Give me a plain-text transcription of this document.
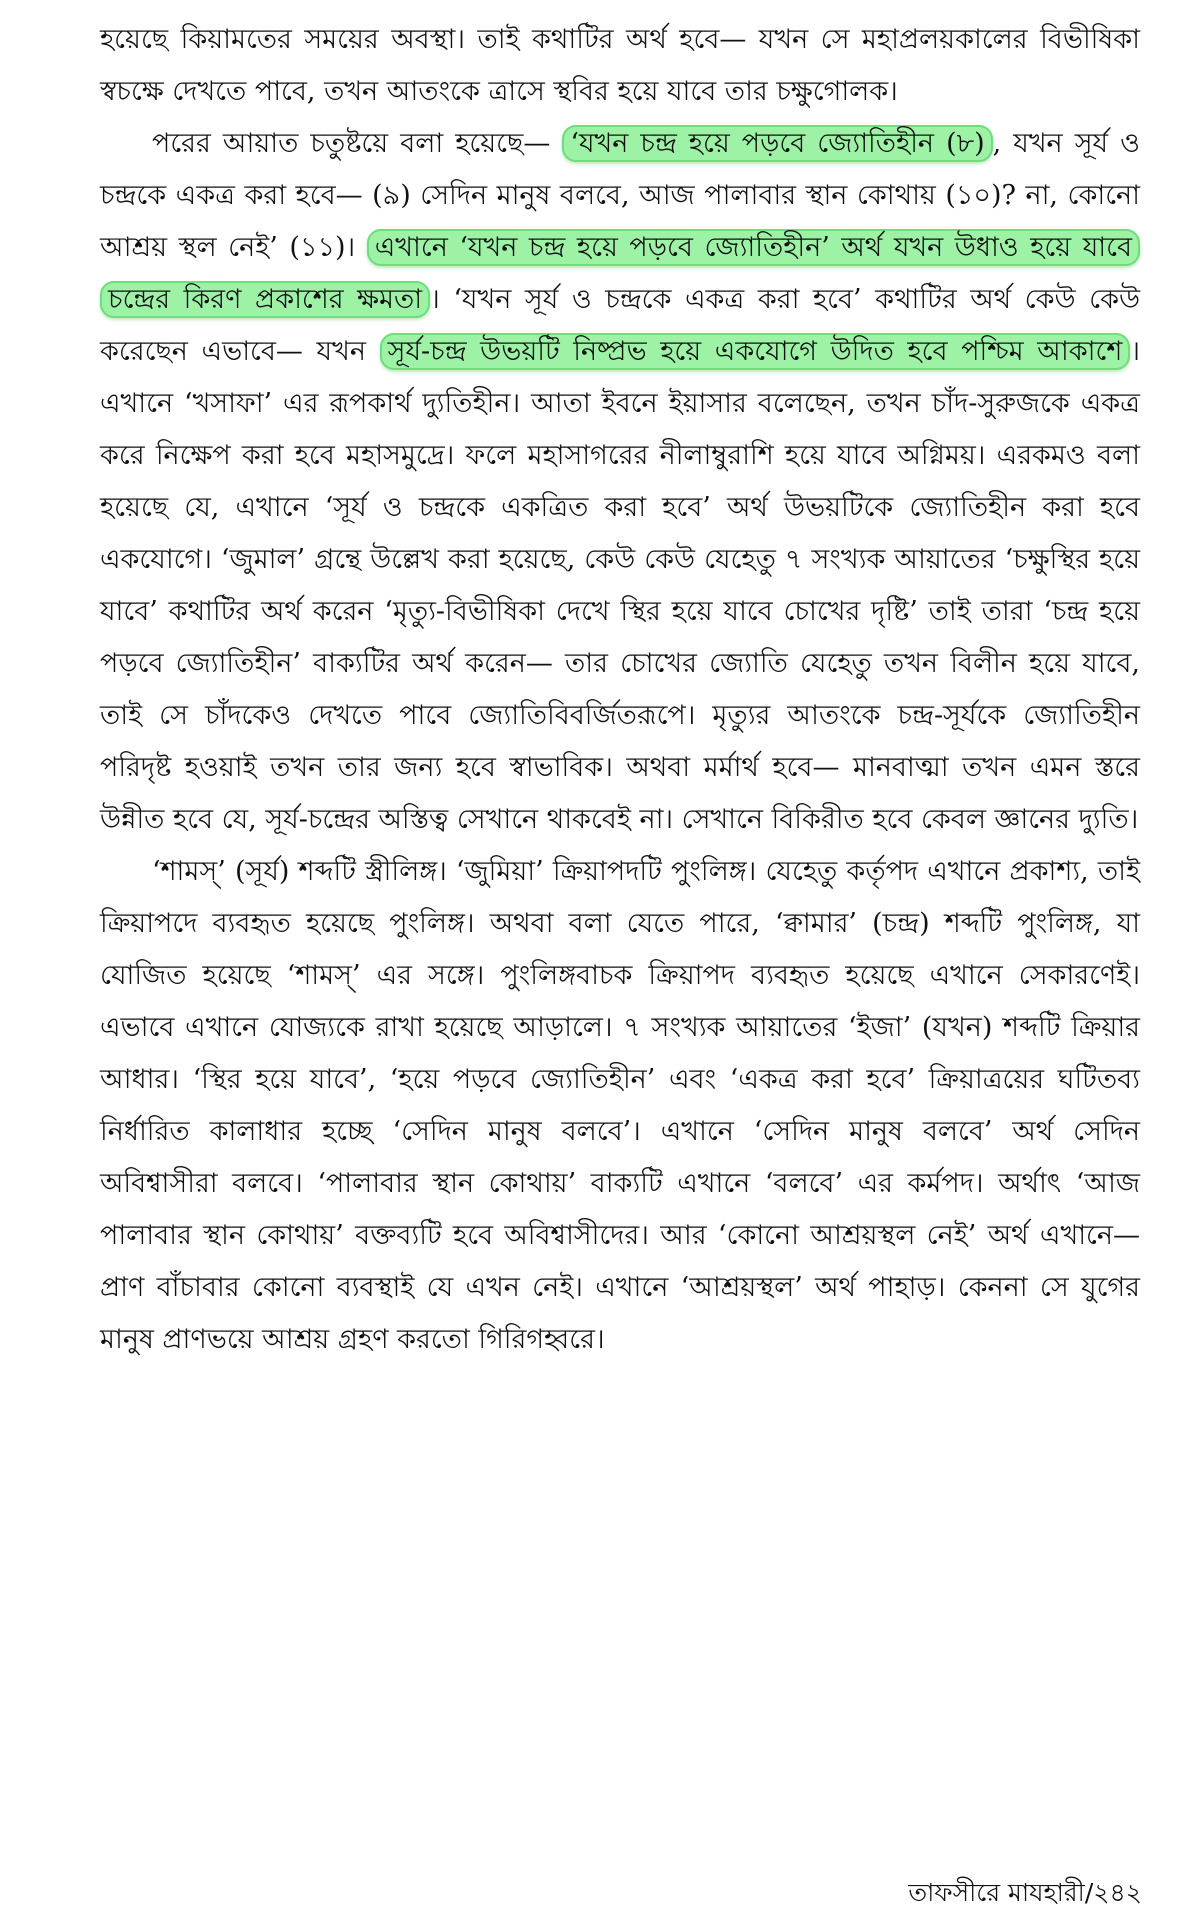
হয়েছে কিয়ামতের সময়ের অবস্থা। তাই কথাটির অর্থ হবে— যখন সে মহাপ্রলয়কালের বিভীষিকা স্বচক্ষে দেখতে পাবে, তখন আতংকে ত্রাসে স্থবির হয়ে যাবে তার চক্ষুগোলক।

পরের আয়াত চতুষ্টয়ে বলা হয়েছে— ‘যখন চন্দ্র হয়ে পড়বে জ্যোতিহীন (৮) , যখন সূর্য ও চন্দ্রকে একত্র করা হবে— (৯) সেদিন মানুষ বলবে, আজ পালাবার স্থান কোথায় (১০)? না, কোনো আশ্রয় স্থল নেই’ (১১)। এখানে ‘যখন চন্দ্র হয়ে পড়বে জ্যোতিহীন’ অর্থ যখন উধাও হয়ে যাবে চন্দ্রের কিরণ প্রকাশের ক্ষমতা । ‘যখন সূর্য ও চন্দ্রকে একত্র করা হবে’ কথাটির অর্থ কেউ কেউ করেছেন এভাবে— যখন সূর্য-চন্দ্র উভয়টি নিষ্প্রভ হয়ে একযোগে উদিত হবে পশ্চিম আকাশে । এখানে ‘খসাফা’ এর রূপকার্থ দ্যুতিহীন। আতা ইবনে ইয়াসার বলেছেন, তখন চাঁদ-সুরুজকে একত্র করে নিক্ষেপ করা হবে মহাসমুদ্রে। ফলে মহাসাগরের নীলাম্বুরাশি হয়ে যাবে অগ্নিময়। এরকমও বলা হয়েছে যে, এখানে ‘সূর্য ও চন্দ্রকে একত্রিত করা হবে’ অর্থ উভয়টিকে জ্যোতিহীন করা হবে একযোগে। ‘জুমাল’ গ্রন্থে উল্লেখ করা হয়েছে, কেউ কেউ যেহেতু ৭ সংখ্যক আয়াতের ‘চক্ষুস্থির হয়ে যাবে’ কথাটির অর্থ করেন ‘মৃত্যু-বিভীষিকা দেখে স্থির হয়ে যাবে চোখের দৃষ্টি’ তাই তারা ‘চন্দ্র হয়ে পড়বে জ্যোতিহীন’ বাক্যটির অর্থ করেন— তার চোখের জ্যোতি যেহেতু তখন বিলীন হয়ে যাবে, তাই সে চাঁদকেও দেখতে পাবে জ্যোতিবিবর্জিতরূপে। মৃত্যুর আতংকে চন্দ্র-সূর্যকে জ্যোতিহীন পরিদৃষ্ট হওয়াই তখন তার জন্য হবে স্বাভাবিক। অথবা মর্মার্থ হবে— মানবাত্মা তখন এমন স্তরে উন্নীত হবে যে, সূর্য-চন্দ্রের অস্তিত্ব সেখানে থাকবেই না। সেখানে বিকিরীত হবে কেবল জ্ঞানের দ্যুতি।

‘শামস্’ (সূর্য) শব্দটি স্ত্রীলিঙ্গ। ‘জুমিয়া’ ক্রিয়াপদটি পুংলিঙ্গ। যেহেতু কর্তৃপদ এখানে প্রকাশ্য, তাই ক্রিয়াপদে ব্যবহৃত হয়েছে পুংলিঙ্গ। অথবা বলা যেতে পারে, ‘ক্বামার’ (চন্দ্র) শব্দটি পুংলিঙ্গ, যা যোজিত হয়েছে ‘শামস্’ এর সঙ্গে। পুংলিঙ্গবাচক ক্রিয়াপদ ব্যবহৃত হয়েছে এখানে সেকারণেই। এভাবে এখানে যোজ্যকে রাখা হয়েছে আড়ালে। ৭ সংখ্যক আয়াতের ‘ইজা’ (যখন) শব্দটি ক্রিয়ার আধার। ‘স্থির হয়ে যাবে’, ‘হয়ে পড়বে জ্যোতিহীন’ এবং ‘একত্র করা হবে’ ক্রিয়াত্রয়ের ঘটিতব্য নির্ধারিত কালাধার হচ্ছে ‘সেদিন মানুষ বলবে’। এখানে ‘সেদিন মানুষ বলবে’ অর্থ সেদিন অবিশ্বাসীরা বলবে। ‘পালাবার স্থান কোথায়’ বাক্যটি এখানে ‘বলবে’ এর কর্মপদ। অর্থাৎ ‘আজ পালাবার স্থান কোথায়’ বক্তব্যটি হবে অবিশ্বাসীদের। আর ‘কোনো আশ্রয়স্থল নেই’ অর্থ এখানে— প্রাণ বাঁচাবার কোনো ব্যবস্থাই যে এখন নেই। এখানে ‘আশ্রয়স্থল’ অর্থ পাহাড়। কেননা সে যুগের মানুষ প্রাণভয়ে আশ্রয় গ্রহণ করতো গিরিগহ্বরে।

তাফসীরে মাযহারী/২৪২
